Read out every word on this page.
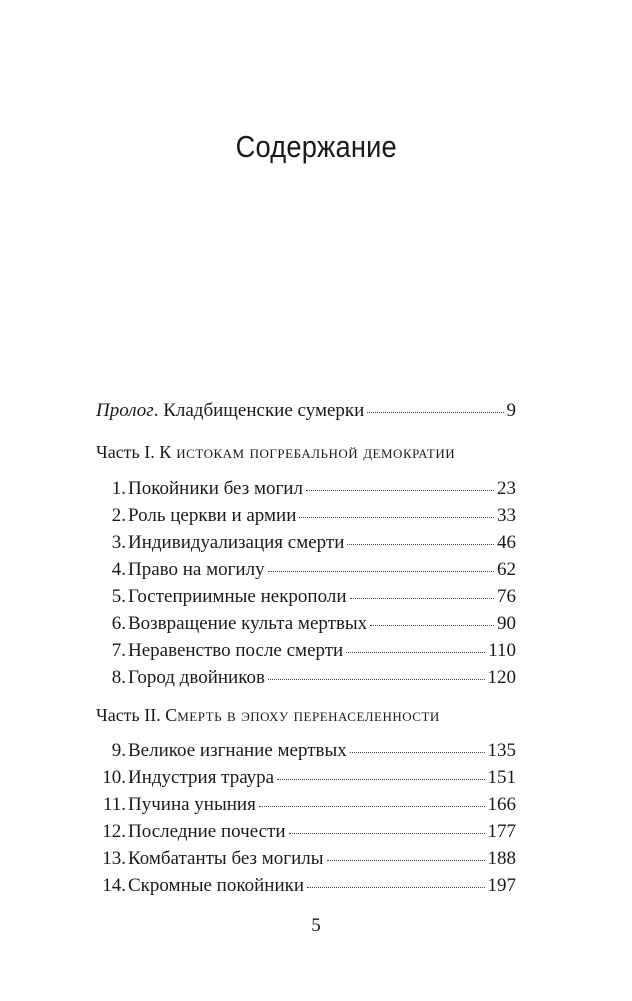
Содержание
Пролог. Кладбищенские сумерки	9
Часть I. К истокам погребальной демократии
1. Покойники без могил	23
2. Роль церкви и армии	33
3. Индивидуализация смерти	46
4. Право на могилу	62
5. Гостеприимные некрополи	76
6. Возвращение культа мертвых	90
7. Неравенство после смерти	110
8. Город двойников	120
Часть II. Смерть в эпоху перенаселенности
9. Великое изгнание мертвых	135
10. Индустрия траура	151
11. Пучина уныния	166
12. Последние почести	177
13. Комбатанты без могилы	188
14. Скромные покойники	197
5
